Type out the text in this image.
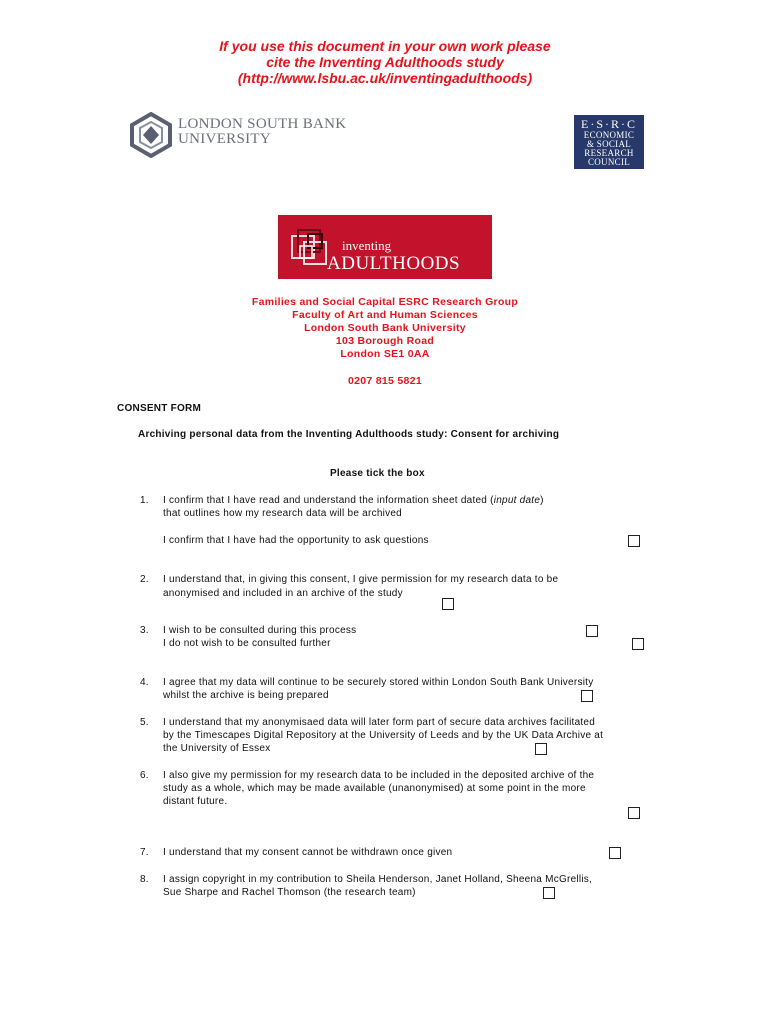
If you use this document in your own work please
cite the Inventing Adulthoods study
(http://www.lsbu.ac.uk/inventingadulthoods)
LONDON SOUTH BANK
UNIVERSITY
E·S·R·C
ECONOMIC
& SOCIAL
RESEARCH
COUNCIL
inventing
ADULTHOODS
Families and Social Capital ESRC Research Group
Faculty of Art and Human Sciences
London South Bank University
103 Borough Road
London SE1 0AA
0207 815 5821
CONSENT FORM
Archiving personal data from the Inventing Adulthoods study: Consent for archiving
Please tick the box
1.	I confirm that I have read and understand the information sheet dated (input date)
that outlines how my research data will be archived
I confirm that I have had the opportunity to ask questions
2.	I understand that, in giving this consent, I give permission for my research data to be
anonymised and included in an archive of the study
3.	I wish to be consulted during this process
I do not wish to be consulted further
4.	I agree that my data will continue to be securely stored within London South Bank University
whilst the archive is being prepared
5.	I understand that my anonymisaed data will later form part of secure data archives facilitated
by the Timescapes Digital Repository at the University of Leeds and by the UK Data Archive at
the University of Essex
6.	I also give my permission for my research data to be included in the deposited archive of the
study as a whole, which may be made available (unanonymised) at some point in the more
distant future.
7.	I understand that my consent cannot be withdrawn once given
8.	I assign copyright in my contribution to Sheila Henderson, Janet Holland, Sheena McGrellis,
Sue Sharpe and Rachel Thomson (the research team)
